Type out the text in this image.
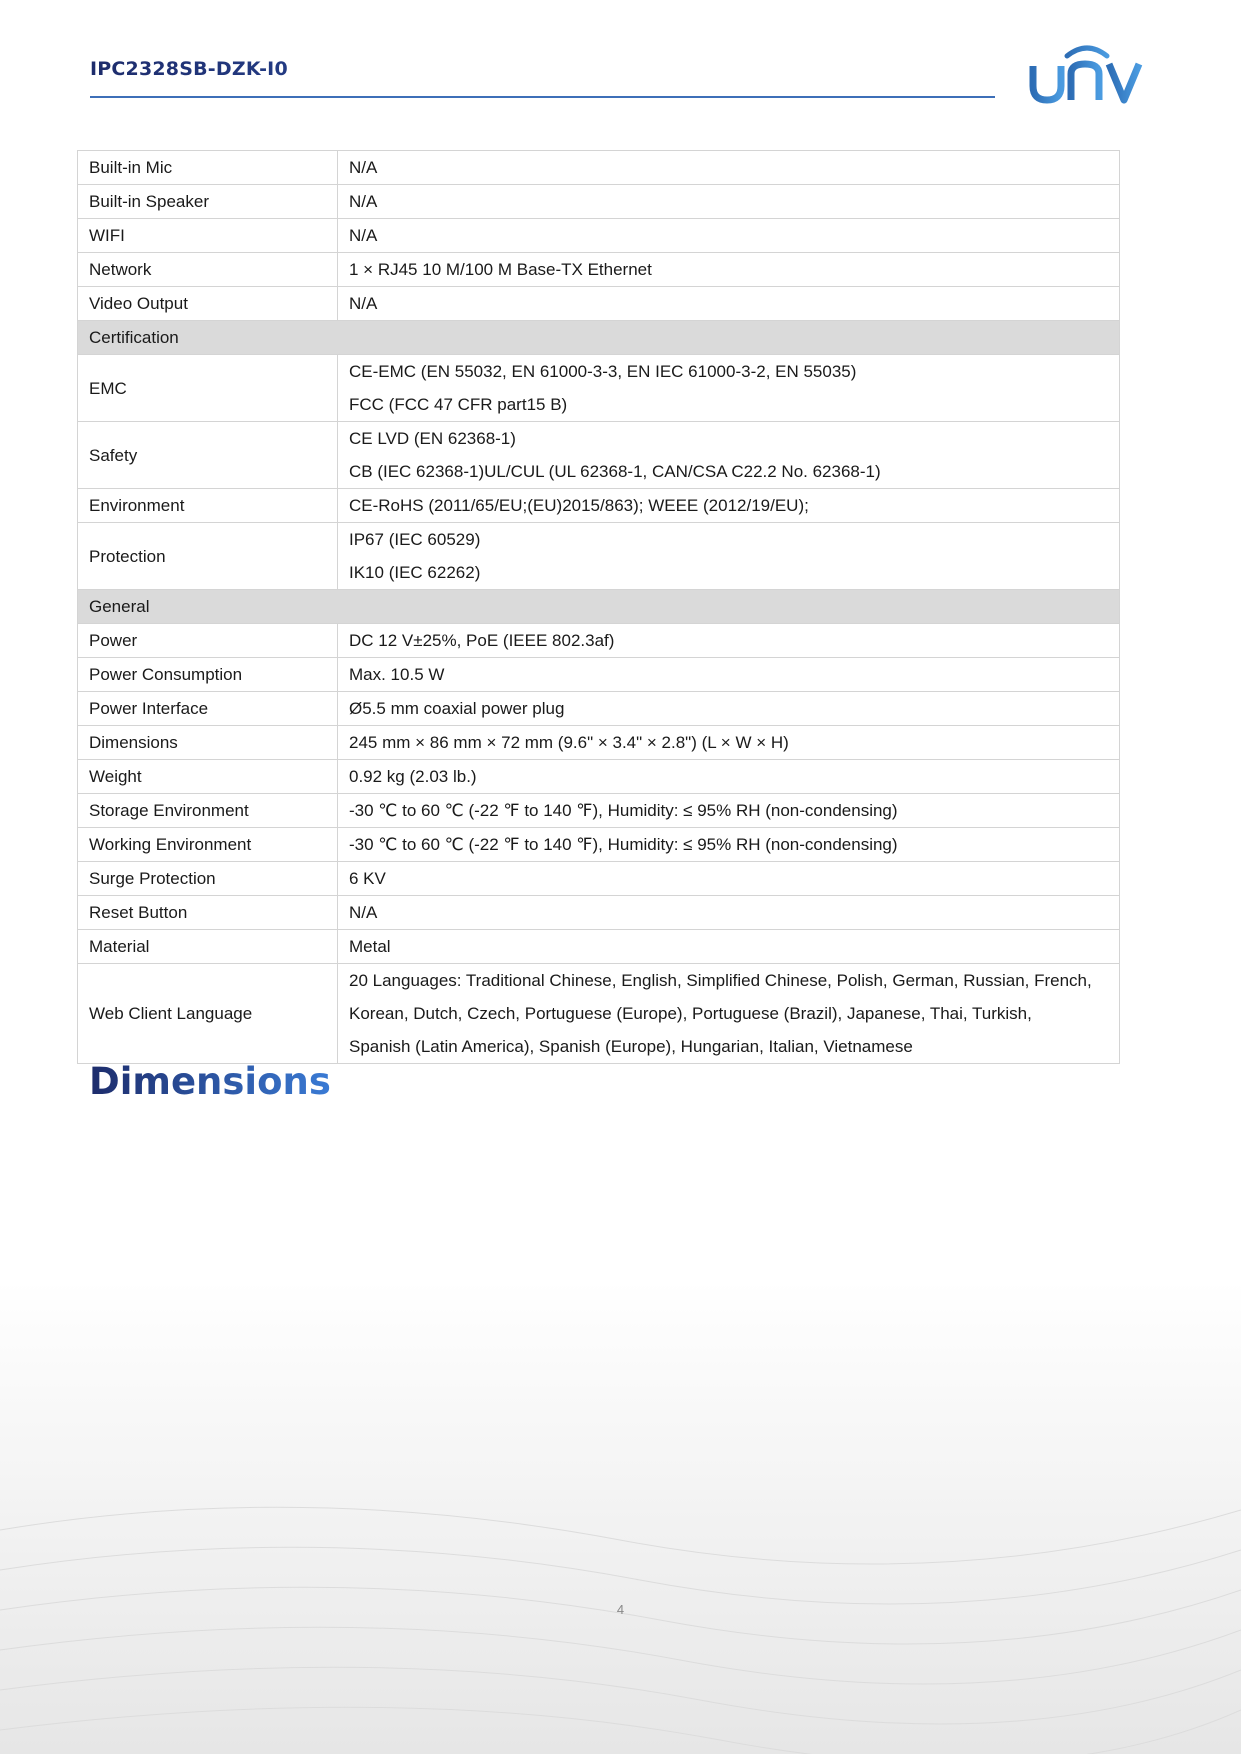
IPC2328SB-DZK-I0
Built-in Mic	N/A

Built-in Speaker	N/A

WIFI	N/A

Network	1 × RJ45 10 M/100 M Base-TX Ethernet

Video Output	N/A

Certification	
EMC	CE-EMC (EN 55032, EN 61000-3-3, EN IEC 61000-3-2, EN 55035)
FCC (FCC 47 CFR part15 B)

Safety	CE LVD (EN 62368-1)
CB (IEC 62368-1)UL/CUL (UL 62368-1, CAN/CSA C22.2 No. 62368-1)

Environment	CE-RoHS (2011/65/EU;(EU)2015/863); WEEE (2012/19/EU);

Protection	IP67 (IEC 60529)
IK10 (IEC 62262)

General	
Power	DC 12 V±25%, PoE (IEEE 802.3af)

Power Consumption	Max. 10.5 W

Power Interface	Ø5.5 mm coaxial power plug

Dimensions	245 mm × 86 mm × 72 mm (9.6" × 3.4" × 2.8") (L × W × H)

Weight	0.92 kg (2.03 lb.)

Storage Environment	-30 ℃ to 60 ℃ (-22 ℉ to 140 ℉), Humidity: ≤ 95% RH (non-condensing)

Working Environment	-30 ℃ to 60 ℃ (-22 ℉ to 140 ℉), Humidity: ≤ 95% RH (non-condensing)

Surge Protection	6 KV

Reset Button	N/A

Material	Metal

Web Client Language	20 Languages: Traditional Chinese, English, Simplified Chinese, Polish, German, Russian, French,
Korean, Dutch, Czech, Portuguese (Europe), Portuguese (Brazil), Japanese, Thai, Turkish,
Spanish (Latin America), Spanish (Europe), Hungarian, Italian, Vietnamese
Dimensions
4
